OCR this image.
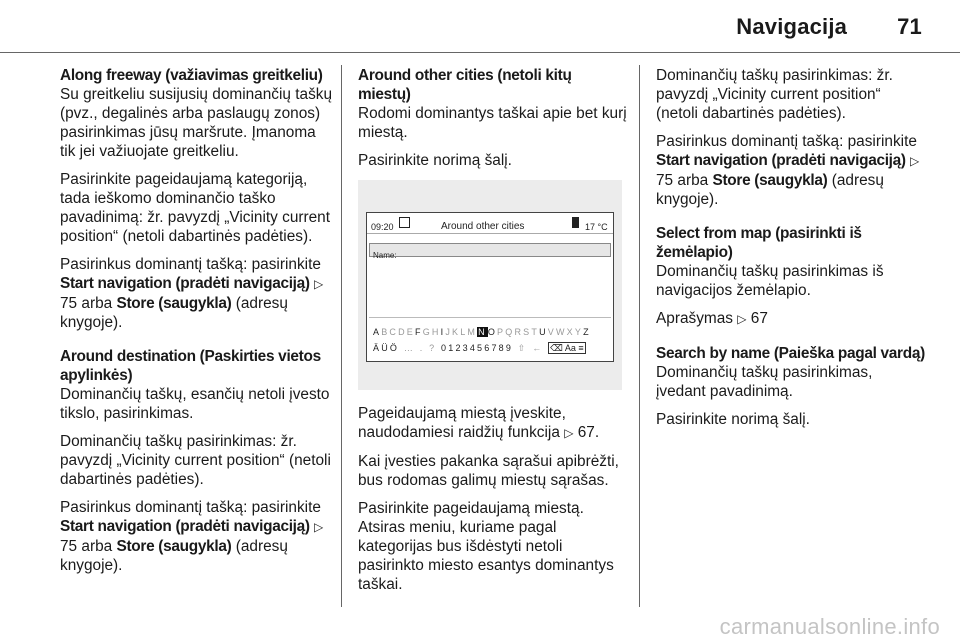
Navigacija 71

Along freeway (važiavimas greitkeliu)

Su greitkeliu susijusių dominančių taškų (pvz., degalinės arba paslaugų zonos) pasirinkimas jūsų maršrute. Įmanoma tik jei važiuojate greitkeliu.

Pasirinkite pageidaujamą kategoriją, tada ieškomo dominančio taško pavadinimą: žr. pavyzdį „Vicinity current position“ (netoli dabartinės padėties).

Pasirinkus dominantį tašką: pasirinkite Start navigation (pradėti navigaciją) ▷ 75 arba Store (saugykla) (adresų knygoje).

Around destination (Paskirties vietos apylinkės)

Dominančių taškų, esančių netoli įvesto tikslo, pasirinkimas.

Dominančių taškų pasirinkimas: žr. pavyzdį „Vicinity current position“ (netoli dabartinės padėties).

Pasirinkus dominantį tašką: pasirinkite Start navigation (pradėti navigaciją) ▷ 75 arba Store (saugykla) (adresų knygoje).

Around other cities (netoli kitų miestų)

Rodomi dominantys taškai apie bet kurį miestą.

Pasirinkite norimą šalį.

09:20	Around other cities	17 °C
Name:
ABCDEFGHIJKLMNOPQRSTUVWXYZ
ÄÜÖ … . ? 0123456789 ⇧ ← ⌫ Aa ≡

Pageidaujamą miestą įveskite, naudodamiesi raidžių funkcija ▷ 67.

Kai įvesties pakanka sąrašui apibrėžti, bus rodomas galimų miestų sąrašas.

Pasirinkite pageidaujamą miestą. Atsiras meniu, kuriame pagal kategorijas bus išdėstyti netoli pasirinkto miesto esantys dominantys taškai.

Dominančių taškų pasirinkimas: žr. pavyzdį „Vicinity current position“ (netoli dabartinės padėties).

Pasirinkus dominantį tašką: pasirinkite Start navigation (pradėti navigaciją) ▷ 75 arba Store (saugykla) (adresų knygoje).

Select from map (pasirinkti iš žemėlapio)

Dominančių taškų pasirinkimas iš navigacijos žemėlapio.

Aprašymas ▷ 67

Search by name (Paieška pagal vardą)

Dominančių taškų pasirinkimas, įvedant pavadinimą.

Pasirinkite norimą šalį.

carmanualsonline.info
